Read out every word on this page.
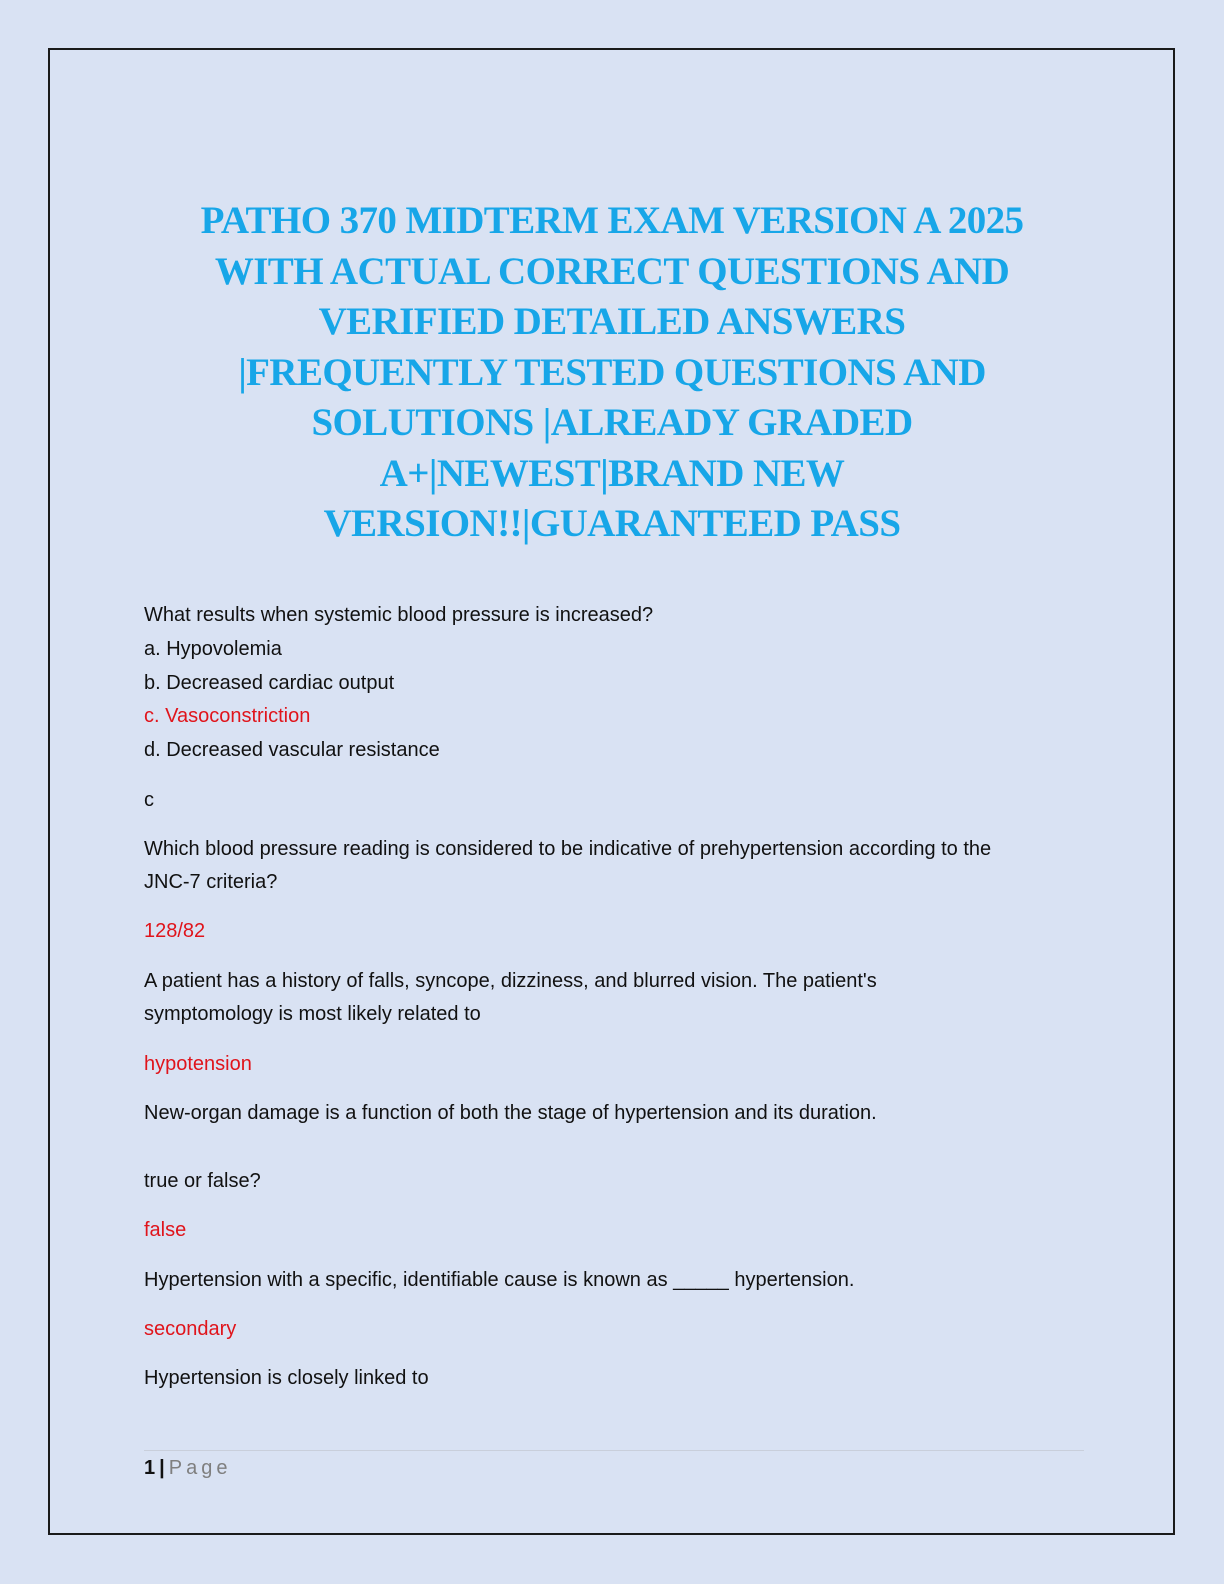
PATHO 370 MIDTERM EXAM VERSION A 2025
WITH ACTUAL CORRECT QUESTIONS AND
VERIFIED DETAILED ANSWERS
|FREQUENTLY TESTED QUESTIONS AND
SOLUTIONS |ALREADY GRADED
A+|NEWEST|BRAND NEW
VERSION!!|GUARANTEED PASS
What results when systemic blood pressure is increased?
a. Hypovolemia
b. Decreased cardiac output
c. Vasoconstriction
d. Decreased vascular resistance
c
Which blood pressure reading is considered to be indicative of prehypertension according to the
JNC-7 criteria?
128/82
A patient has a history of falls, syncope, dizziness, and blurred vision. The patient's
symptomology is most likely related to
hypotension
New-organ damage is a function of both the stage of hypertension and its duration.
true or false?
false
Hypertension with a specific, identifiable cause is known as _____ hypertension.
secondary
Hypertension is closely linked to
1 | Page
